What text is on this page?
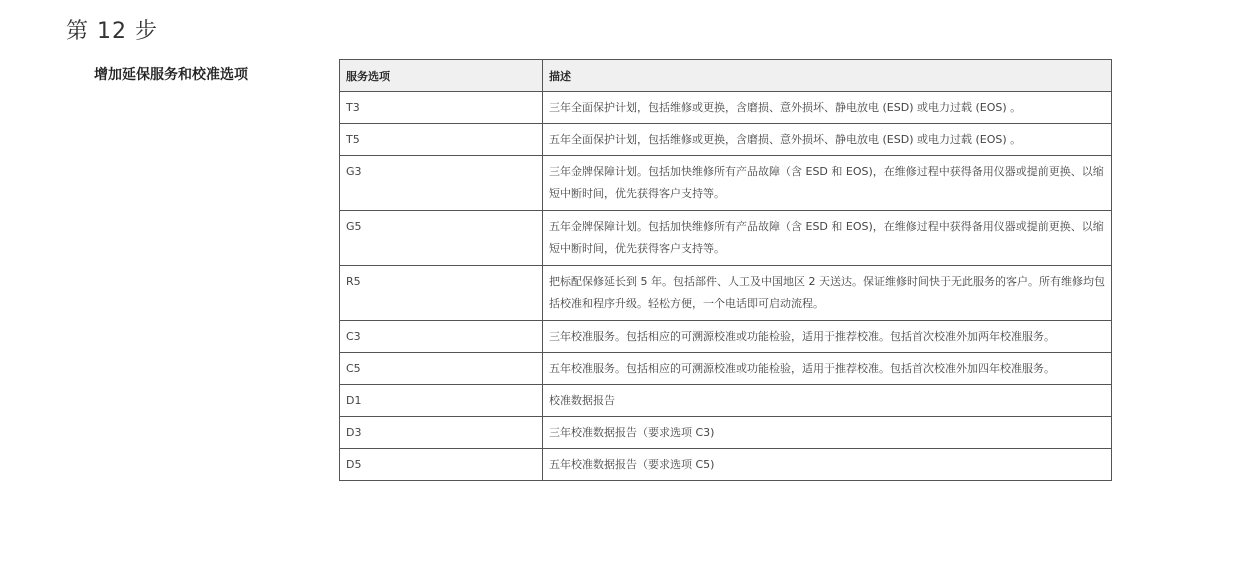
第 12 步
增加延保服务和校准选项	服务选项	描述
T3	三年全面保护计划，包括维修或更换，含磨损、意外损坏、静电放电 (ESD) 或电力过载 (EOS) 。
T5	五年全面保护计划，包括维修或更换，含磨损、意外损坏、静电放电 (ESD) 或电力过载 (EOS) 。
G3	三年金牌保障计划。包括加快维修所有产品故障（含 ESD 和 EOS)，在维修过程中获得备用仪器或提前更换、以缩短中断时间，优先获得客户支持等。
G5	五年金牌保障计划。包括加快维修所有产品故障（含 ESD 和 EOS)，在维修过程中获得备用仪器或提前更换、以缩短中断时间，优先获得客户支持等。
R5	把标配保修延长到 5 年。包括部件、人工及中国地区 2 天送达。保证维修时间快于无此服务的客户。所有维修均包括校准和程序升级。轻松方便，一个电话即可启动流程。
C3	三年校准服务。包括相应的可溯源校准或功能检验，适用于推荐校准。包括首次校准外加两年校准服务。
C5	五年校准服务。包括相应的可溯源校准或功能检验，适用于推荐校准。包括首次校准外加四年校准服务。
D1	校准数据报告
D3	三年校准数据报告（要求选项 C3)
D5	五年校准数据报告（要求选项 C5)
